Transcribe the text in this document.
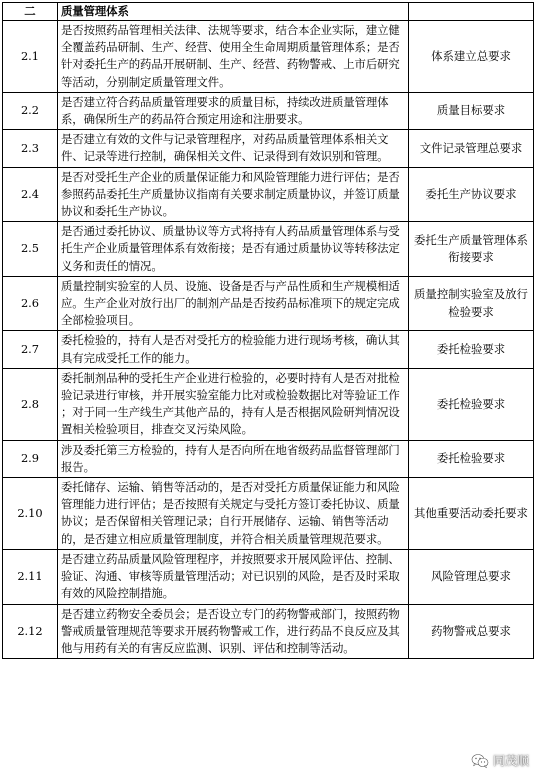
二	质量管理体系	
2.1	是否按照药品管理相关法律、法规等要求，结合本企业实际，建立健全覆盖药品研制、生产、经营、使用全生命周期质量管理体系；是否针对委托生产的药品开展研制、生产、经营、药物警戒、上市后研究等活动，分别制定质量管理文件。	体系建立总要求
2.2	是否建立符合药品质量管理要求的质量目标，持续改进质量管理体系，确保所生产的药品符合预定用途和注册要求。	质量目标要求
2.3	是否建立有效的文件与记录管理程序，对药品质量管理体系相关文件、记录等进行控制，确保相关文件、记录得到有效识别和管理。	文件记录管理总要求
2.4	是否对受托生产企业的质量保证能力和风险管理能力进行评估；是否参照药品委托生产质量协议指南有关要求制定质量协议，并签订质量协议和委托生产协议。	委托生产协议要求
2.5	是否通过委托协议、质量协议等方式将持有人药品质量管理体系与受托生产企业质量管理体系有效衔接；是否有通过质量协议等转移法定义务和责任的情况。	委托生产质量管理体系衔接要求
2.6	质量控制实验室的人员、设施、设备是否与产品性质和生产规模相适应。生产企业对放行出厂的制剂产品是否按药品标准项下的规定完成全部检验项目。	质量控制实验室及放行检验要求
2.7	委托检验的，持有人是否对受托方的检验能力进行现场考核，确认其具有完成受托工作的能力。	委托检验要求
2.8	委托制剂品种的受托生产企业进行检验的，必要时持有人是否对批检验记录进行审核，并开展实验室能力比对或检验数据比对等验证工作 ；对于同一生产线生产其他产品的，持有人是否根据风险研判情况设置相关检验项目，排查交叉污染风险。	委托检验要求
2.9	涉及委托第三方检验的，持有人是否向所在地省级药品监督管理部门报告。	委托检验要求
2.10	委托储存、运输、销售等活动的，是否对受托方质量保证能力和风险管理能力进行评估；是否按照有关规定与受托方签订委托协议、质量协议；是否保留相关管理记录；自行开展储存、运输、销售等活动的，是否建立相应质量管理制度，并符合相关质量管理规范要求。	其他重要活动委托要求
2.11	是否建立药品质量风险管理程序，并按照要求开展风险评估、控制、验证、沟通、审核等质量管理活动；对已识别的风险，是否及时采取有效的风险控制措施。	风险管理总要求
2.12	是否建立药物安全委员会；是否设立专门的药物警戒部门，按照药物警戒质量管理规范等要求开展药物警戒工作，进行药品不良反应及其他与用药有关的有害反应监测、识别、评估和控制等活动。	药物警戒总要求
同茂顺
